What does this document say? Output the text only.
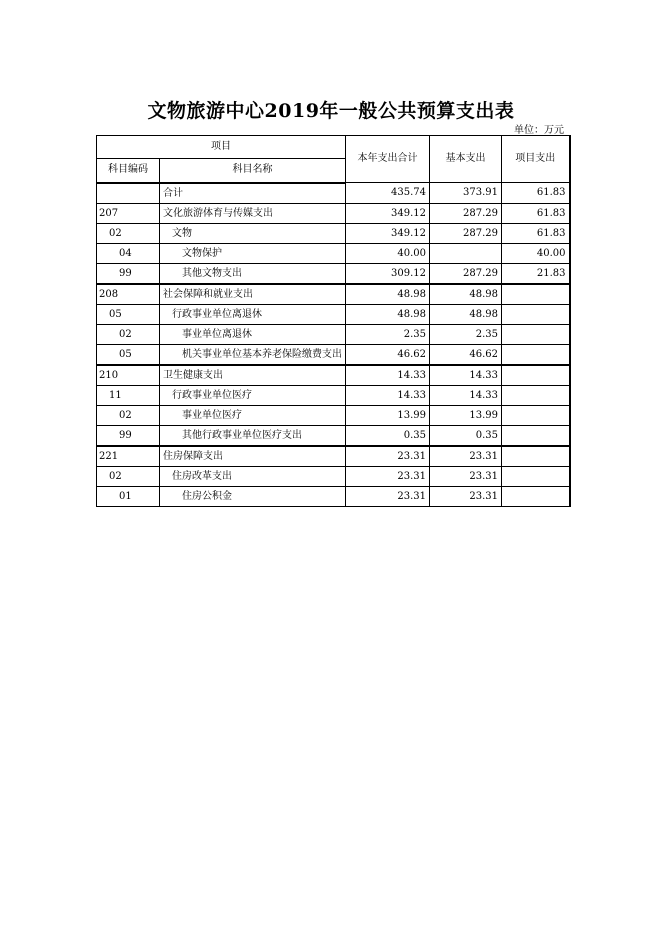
文物旅游中心2019年一般公共预算支出表
单位：万元
项目		本年支出合计	基本支出	项目支出
科目编码	科目名称			
	合计	435.74	373.91	61.83
207	文化旅游体育与传媒支出	349.12	287.29	61.83
02	文物	349.12	287.29	61.83
04	文物保护	40.00		40.00
99	其他文物支出	309.12	287.29	21.83
208	社会保障和就业支出	48.98	48.98	
05	行政事业单位离退休	48.98	48.98	
02	事业单位离退休	2.35	2.35	
05	机关事业单位基本养老保险缴费支出	46.62	46.62	
210	卫生健康支出	14.33	14.33	
11	行政事业单位医疗	14.33	14.33	
02	事业单位医疗	13.99	13.99	
99	其他行政事业单位医疗支出	0.35	0.35	
221	住房保障支出	23.31	23.31	
02	住房改革支出	23.31	23.31	
01	住房公积金	23.31	23.31	
